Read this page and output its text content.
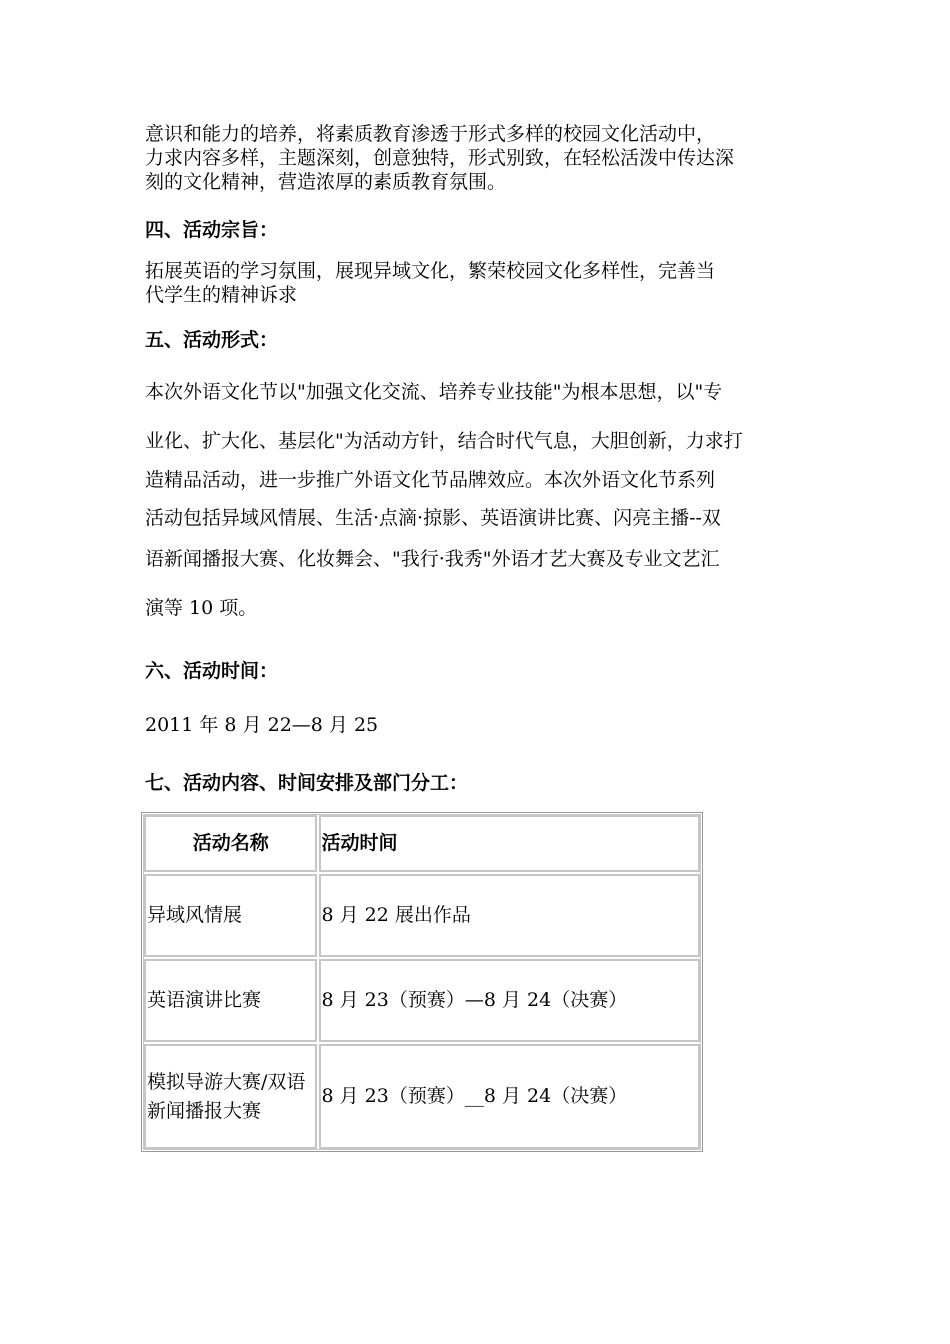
意识和能力的培养，将素质教育渗透于形式多样的校园文化活动中，

力求内容多样，主题深刻，创意独特，形式别致，在轻松活泼中传达深

刻的文化精神，营造浓厚的素质教育氛围。

四、活动宗旨：

拓展英语的学习氛围，展现异域文化，繁荣校园文化多样性，完善当

代学生的精神诉求

五、活动形式：

本次外语文化节以"加强文化交流、培养专业技能"为根本思想，以"专

业化、扩大化、基层化"为活动方针，结合时代气息，大胆创新，力求打

造精品活动，进一步推广外语文化节品牌效应。本次外语文化节系列

活动包括异域风情展、生活·点滴·掠影、英语演讲比赛、闪亮主播--双

语新闻播报大赛、化妆舞会、"我行·我秀"外语才艺大赛及专业文艺汇

演等 10 项。

六、活动时间：

2011 年 8 月 22—8 月 25

七、活动内容、时间安排及部门分工：

活动名称	活动时间
异域风情展	8 月 22 展出作品
英语演讲比赛	8 月 23（预赛）—8 月 24（决赛）
模拟导游大赛/双语新闻播报大赛	8 月 23（预赛）__8 月 24（决赛）
